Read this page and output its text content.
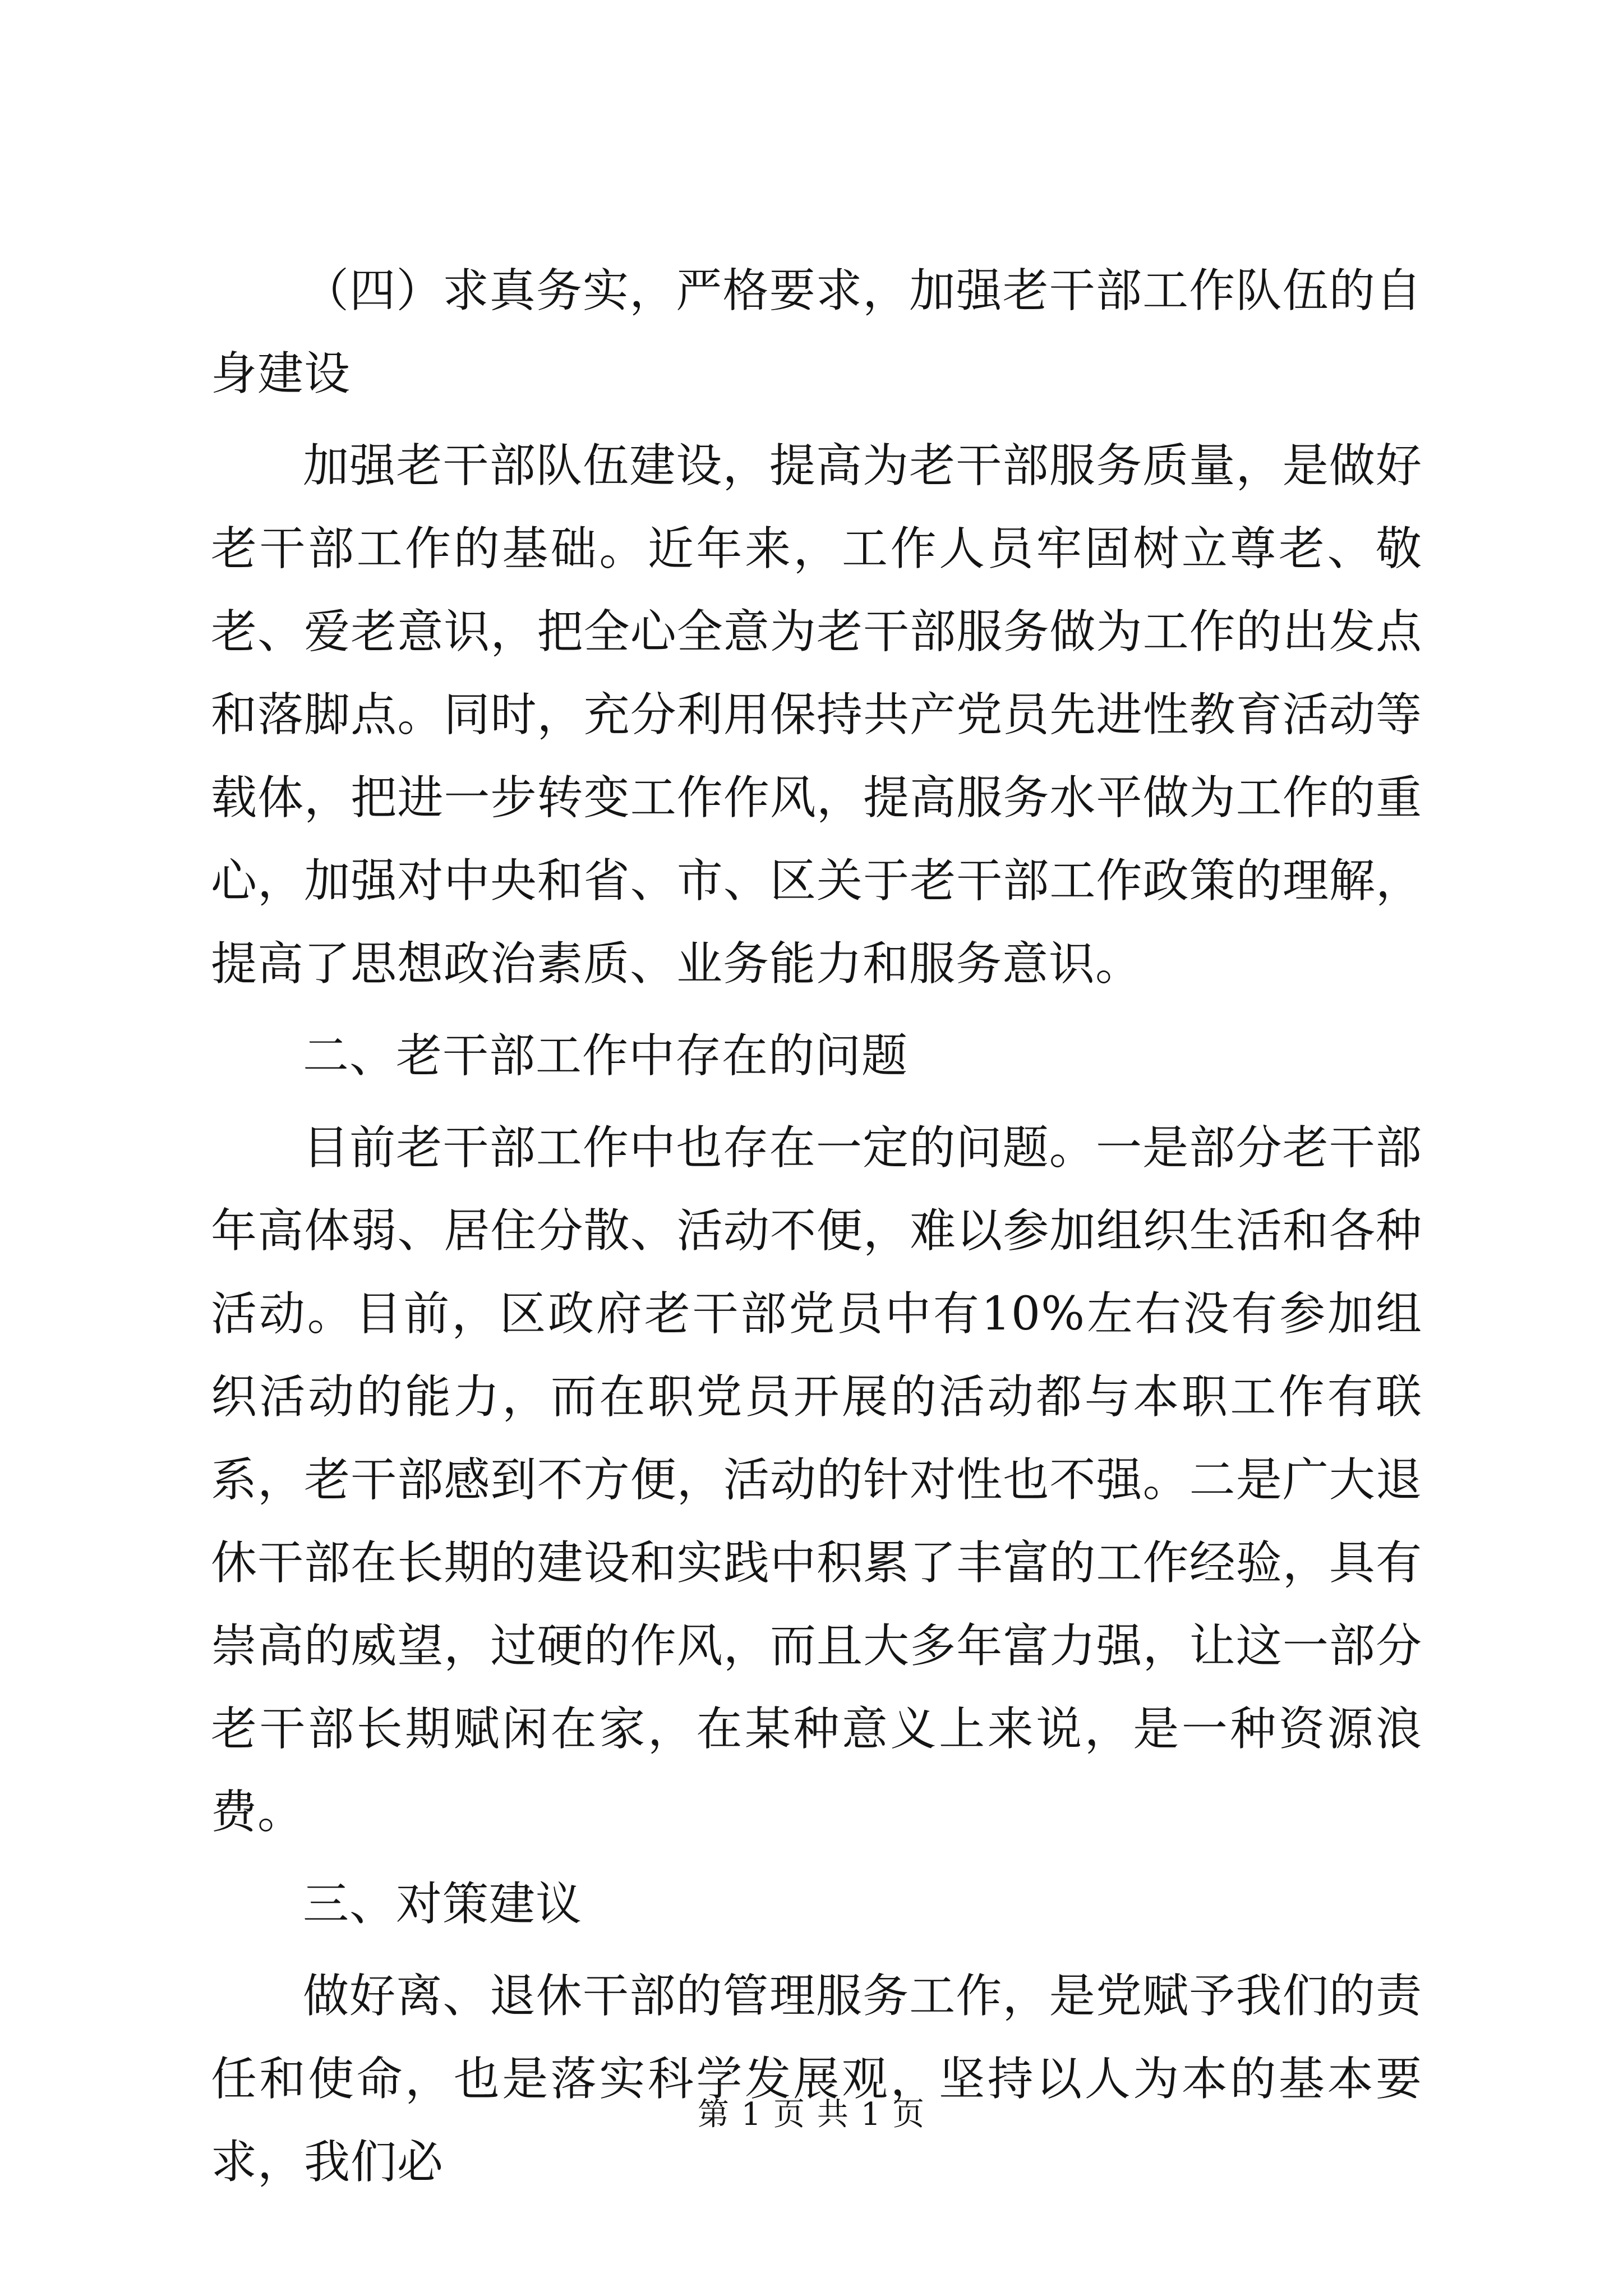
（四）求真务实，严格要求，加强老干部工作队伍的自身建设

加强老干部队伍建设，提高为老干部服务质量，是做好老干部工作的基础。近年来，工作人员牢固树立尊老、敬老、爱老意识，把全心全意为老干部服务做为工作的出发点和落脚点。同时，充分利用保持共产党员先进性教育活动等载体，把进一步转变工作作风，提高服务水平做为工作的重心，加强对中央和省、市、区关于老干部工作政策的理解，提高了思想政治素质、业务能力和服务意识。

二、老干部工作中存在的问题

目前老干部工作中也存在一定的问题。一是部分老干部年高体弱、居住分散、活动不便，难以参加组织生活和各种活动。目前，区政府老干部党员中有10%左右没有参加组织活动的能力，而在职党员开展的活动都与本职工作有联系，老干部感到不方便，活动的针对性也不强。二是广大退休干部在长期的建设和实践中积累了丰富的工作经验，具有崇高的威望，过硬的作风，而且大多年富力强，让这一部分老干部长期赋闲在家，在某种意义上来说，是一种资源浪费。

三、对策建议

做好离、退休干部的管理服务工作，是党赋予我们的责任和使命，也是落实科学发展观，坚持以人为本的基本要求，我们必

第 1 页 共 1 页
